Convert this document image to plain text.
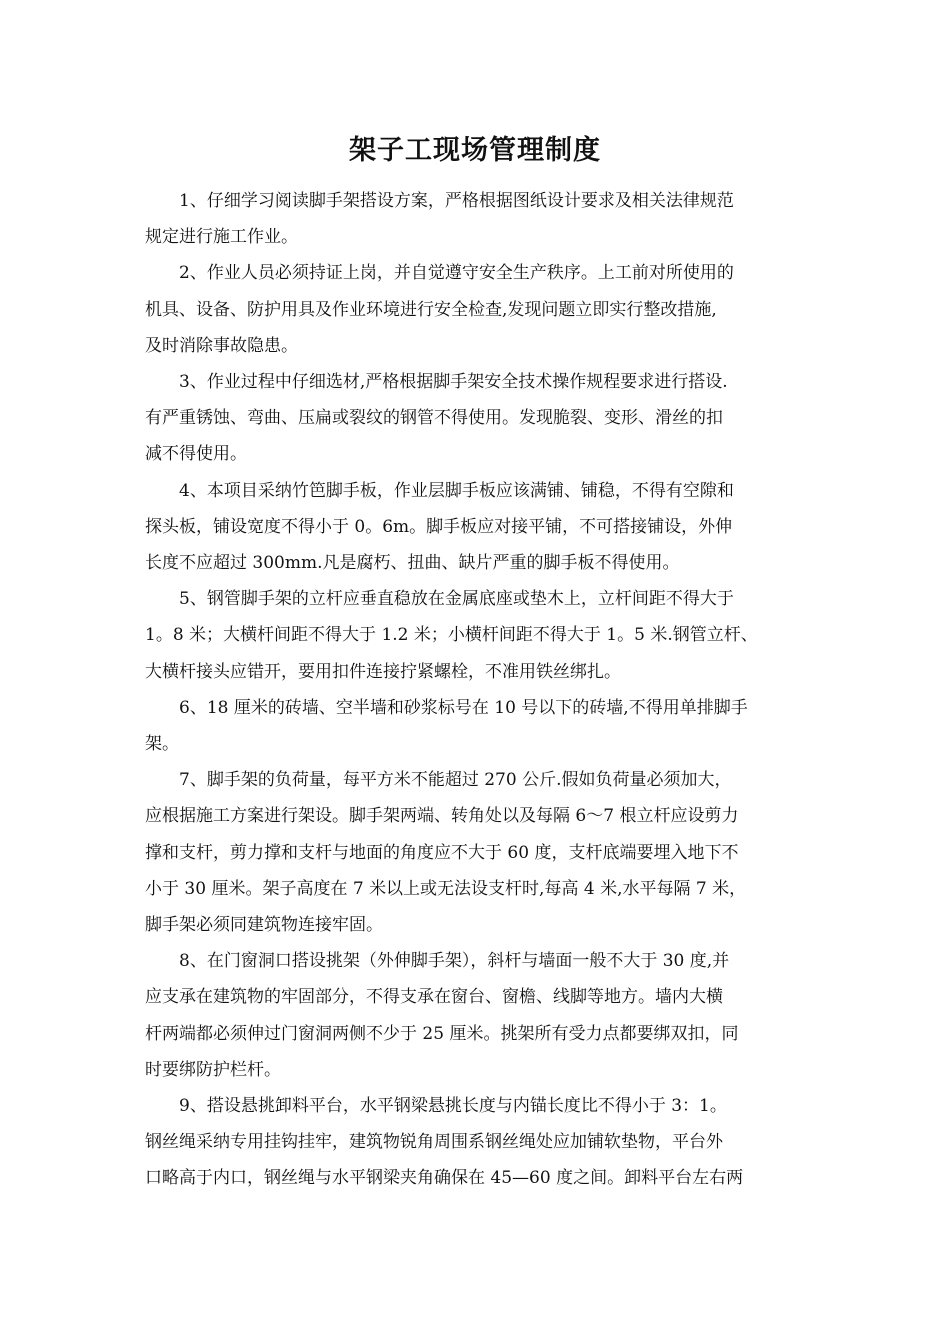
架子工现场管理制度
1、仔细学习阅读脚手架搭设方案，严格根据图纸设计要求及相关法律规范
规定进行施工作业。
2、作业人员必须持证上岗，并自觉遵守安全生产秩序。上工前对所使用的
机具、设备、防护用具及作业环境进行安全检查,发现问题立即实行整改措施,
及时消除事故隐患。
3、作业过程中仔细选材,严格根据脚手架安全技术操作规程要求进行搭设.
有严重锈蚀、弯曲、压扁或裂纹的钢管不得使用。发现脆裂、变形、滑丝的扣
减不得使用。
4、本项目采纳竹笆脚手板，作业层脚手板应该满铺、铺稳，不得有空隙和
探头板，铺设宽度不得小于 0。6m。脚手板应对接平铺，不可搭接铺设，外伸
长度不应超过 300mm.凡是腐朽、扭曲、缺片严重的脚手板不得使用。
5、钢管脚手架的立杆应垂直稳放在金属底座或垫木上，立杆间距不得大于
1。8 米；大横杆间距不得大于 1.2 米；小横杆间距不得大于 1。5 米.钢管立杆、
大横杆接头应错开，要用扣件连接拧紧螺栓，不准用铁丝绑扎。
6、18 厘米的砖墙、空半墙和砂浆标号在 10 号以下的砖墙,不得用单排脚手
架。
7、脚手架的负荷量，每平方米不能超过 270 公斤.假如负荷量必须加大，
应根据施工方案进行架设。脚手架两端、转角处以及每隔 6～7 根立杆应设剪力
撑和支杆，剪力撑和支杆与地面的角度应不大于 60 度，支杆底端要埋入地下不
小于 30 厘米。架子高度在 7 米以上或无法设支杆时,每高 4 米,水平每隔 7 米，
脚手架必须同建筑物连接牢固。
8、在门窗洞口搭设挑架（外伸脚手架），斜杆与墙面一般不大于 30 度,并
应支承在建筑物的牢固部分，不得支承在窗台、窗檐、线脚等地方。墙内大横
杆两端都必须伸过门窗洞两侧不少于 25 厘米。挑架所有受力点都要绑双扣，同
时要绑防护栏杆。
9、搭设悬挑卸料平台，水平钢梁悬挑长度与内锚长度比不得小于 3：1。
钢丝绳采纳专用挂钩挂牢，建筑物锐角周围系钢丝绳处应加铺软垫物，平台外
口略高于内口，钢丝绳与水平钢梁夹角确保在 45—60 度之间。卸料平台左右两
